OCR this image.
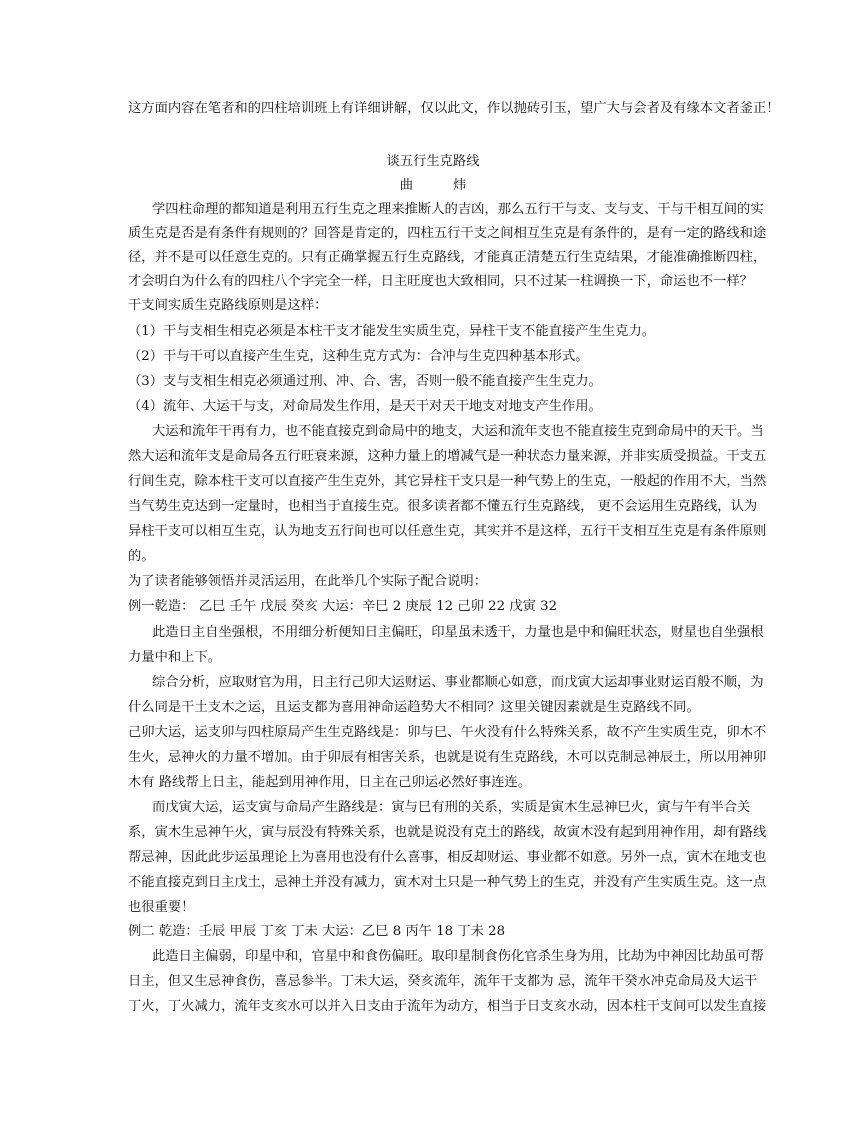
这方面内容在笔者和的四柱培训班上有详细讲解，仅以此文，作以抛砖引玉，望广大与会者及有缘本文者釜正！
谈五行生克路线
曲	炜
学四柱命理的都知道是利用五行生克之理来推断人的吉凶，那么五行干与支、支与支、干与干相互间的实
质生克是否是有条件有规则的？回答是肯定的，四柱五行干支之间相互生克是有条件的，是有一定的路线和途
径，并不是可以任意生克的。只有正确掌握五行生克路线，才能真正清楚五行生克结果，才能准确推断四柱，
才会明白为什么有的四柱八个字完全一样，日主旺度也大致相同，只不过某一柱调换一下，命运也不一样？
干支间实质生克路线原则是这样：
（1）干与支相生相克必须是本柱干支才能发生实质生克，异柱干支不能直接产生生克力。
（2）干与干可以直接产生生克，这种生克方式为：合冲与生克四种基本形式。
（3）支与支相生相克必须通过刑、冲、合、害，否则一般不能直接产生生克力。
（4）流年、大运干与支，对命局发生作用，是天干对天干地支对地支产生作用。
大运和流年干再有力，也不能直接克到命局中的地支，大运和流年支也不能直接生克到命局中的天干。当
然大运和流年支是命局各五行旺衰来源，这种力量上的增减气是一种状态力量来源，并非实质受损益。干支五
行间生克，除本柱干支可以直接产生生克外，其它异柱干支只是一种气势上的生克，一般起的作用不大，当然
当气势生克达到一定量时，也相当于直接生克。很多读者都不懂五行生克路线， 更不会运用生克路线，认为
异柱干支可以相互生克，认为地支五行间也可以任意生克，其实并不是这样，五行干支相互生克是有条件原则
的。
为了读者能够领悟并灵活运用，在此举几个实际子配合说明：
例一乾造： 乙巳 壬午 戊辰 癸亥 大运：辛巳 2 庚辰 12 己卯 22 戊寅 32
此造日主自坐强根，不用细分析便知日主偏旺，印星虽未透干，力量也是中和偏旺状态，财星也自坐强根
力量中和上下。
综合分析，应取财官为用，日主行己卯大运财运、事业都顺心如意，而戊寅大运却事业财运百般不顺，为
什么同是干土支木之运，且运支都为喜用神命运趋势大不相同？这里关键因素就是生克路线不同。
己卯大运，运支卯与四柱原局产生生克路线是：卯与巳、午火没有什么特殊关系，故不产生实质生克，卯木不
生火，忌神火的力量不增加。由于卯辰有相害关系，也就是说有生克路线，木可以克制忌神辰土，所以用神卯
木有 路线帮上日主，能起到用神作用，日主在己卯运必然好事连连。
而戊寅大运，运支寅与命局产生路线是：寅与巳有刑的关系，实质是寅木生忌神巳火，寅与午有半合关
系，寅木生忌神午火，寅与辰没有特殊关系，也就是说没有克土的路线，故寅木没有起到用神作用，却有路线
帮忌神，因此此步运虽理论上为喜用也没有什么喜事，相反却财运、事业都不如意。另外一点，寅木在地支也
不能直接克到日主戊土，忌神土并没有减力，寅木对土只是一种气势上的生克，并没有产生实质生克。这一点
也很重要！
例二 乾造：壬辰 甲辰 丁亥 丁未 大运：乙巳 8 丙午 18 丁未 28
此造日主偏弱，印星中和，官星中和食伤偏旺。取印星制食伤化官杀生身为用，比劫为中神因比劫虽可帮
日主，但又生忌神食伤，喜忌参半。丁未大运，癸亥流年，流年干支都为 忌，流年干癸水冲克命局及大运干
丁火，丁火减力，流年支亥水可以并入日支由于流年为动方，相当于日支亥水动，因本柱干支间可以发生直接
